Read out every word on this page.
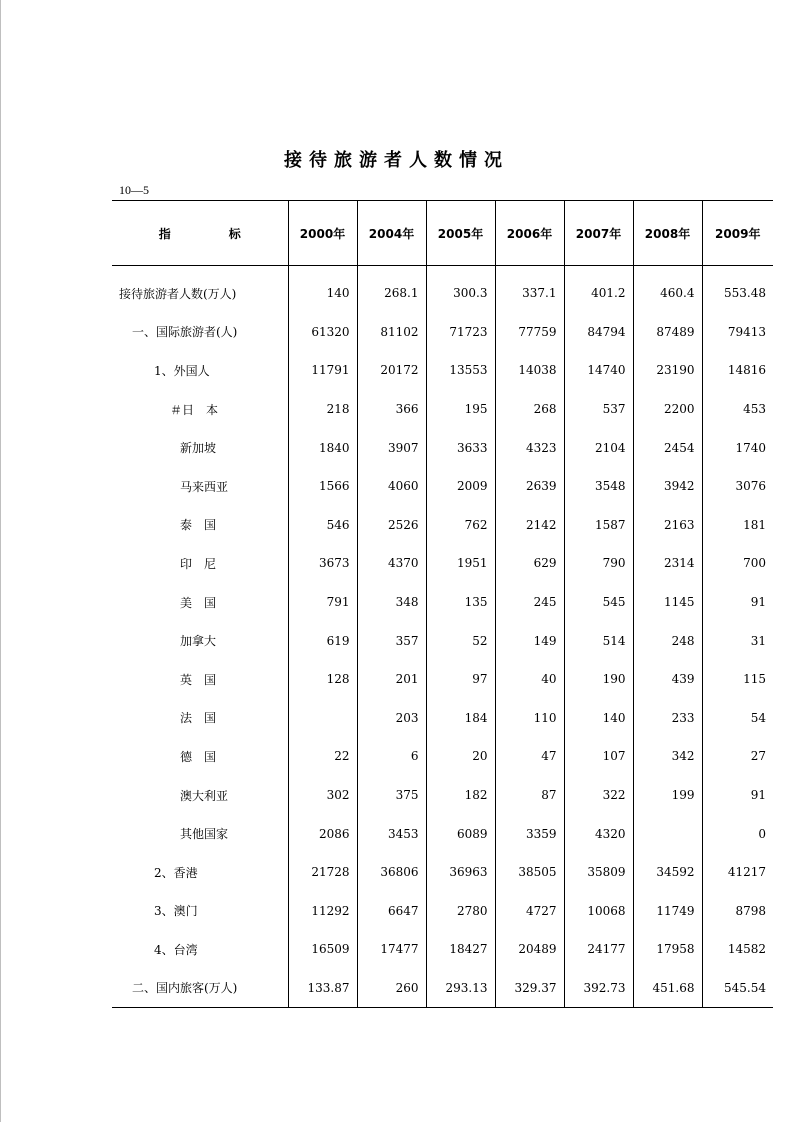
接待旅游者人数情况
10—5
指标	2000年	2004年	2005年	2006年	2007年	2008年	2009年
接待旅游者人数(万人)	140	268.1	300.3	337.1	401.2	460.4	553.48
一、国际旅游者(人)	61320	81102	71723	77759	84794	87489	79413
1、外国人	11791	20172	13553	14038	14740	23190	14816
＃日　本	218	366	195	268	537	2200	453
新加坡	1840	3907	3633	4323	2104	2454	1740
马来西亚	1566	4060	2009	2639	3548	3942	3076
泰　国	546	2526	762	2142	1587	2163	181
印　尼	3673	4370	1951	629	790	2314	700
美　国	791	348	135	245	545	1145	91
加拿大	619	357	52	149	514	248	31
英　国	128	201	97	40	190	439	115
法　国		203	184	110	140	233	54
德　国	22	6	20	47	107	342	27
澳大利亚	302	375	182	87	322	199	91
其他国家	2086	3453	6089	3359	4320		0
2、香港	21728	36806	36963	38505	35809	34592	41217
3、澳门	11292	6647	2780	4727	10068	11749	8798
4、台湾	16509	17477	18427	20489	24177	17958	14582
二、国内旅客(万人)	133.87	260	293.13	329.37	392.73	451.68	545.54
